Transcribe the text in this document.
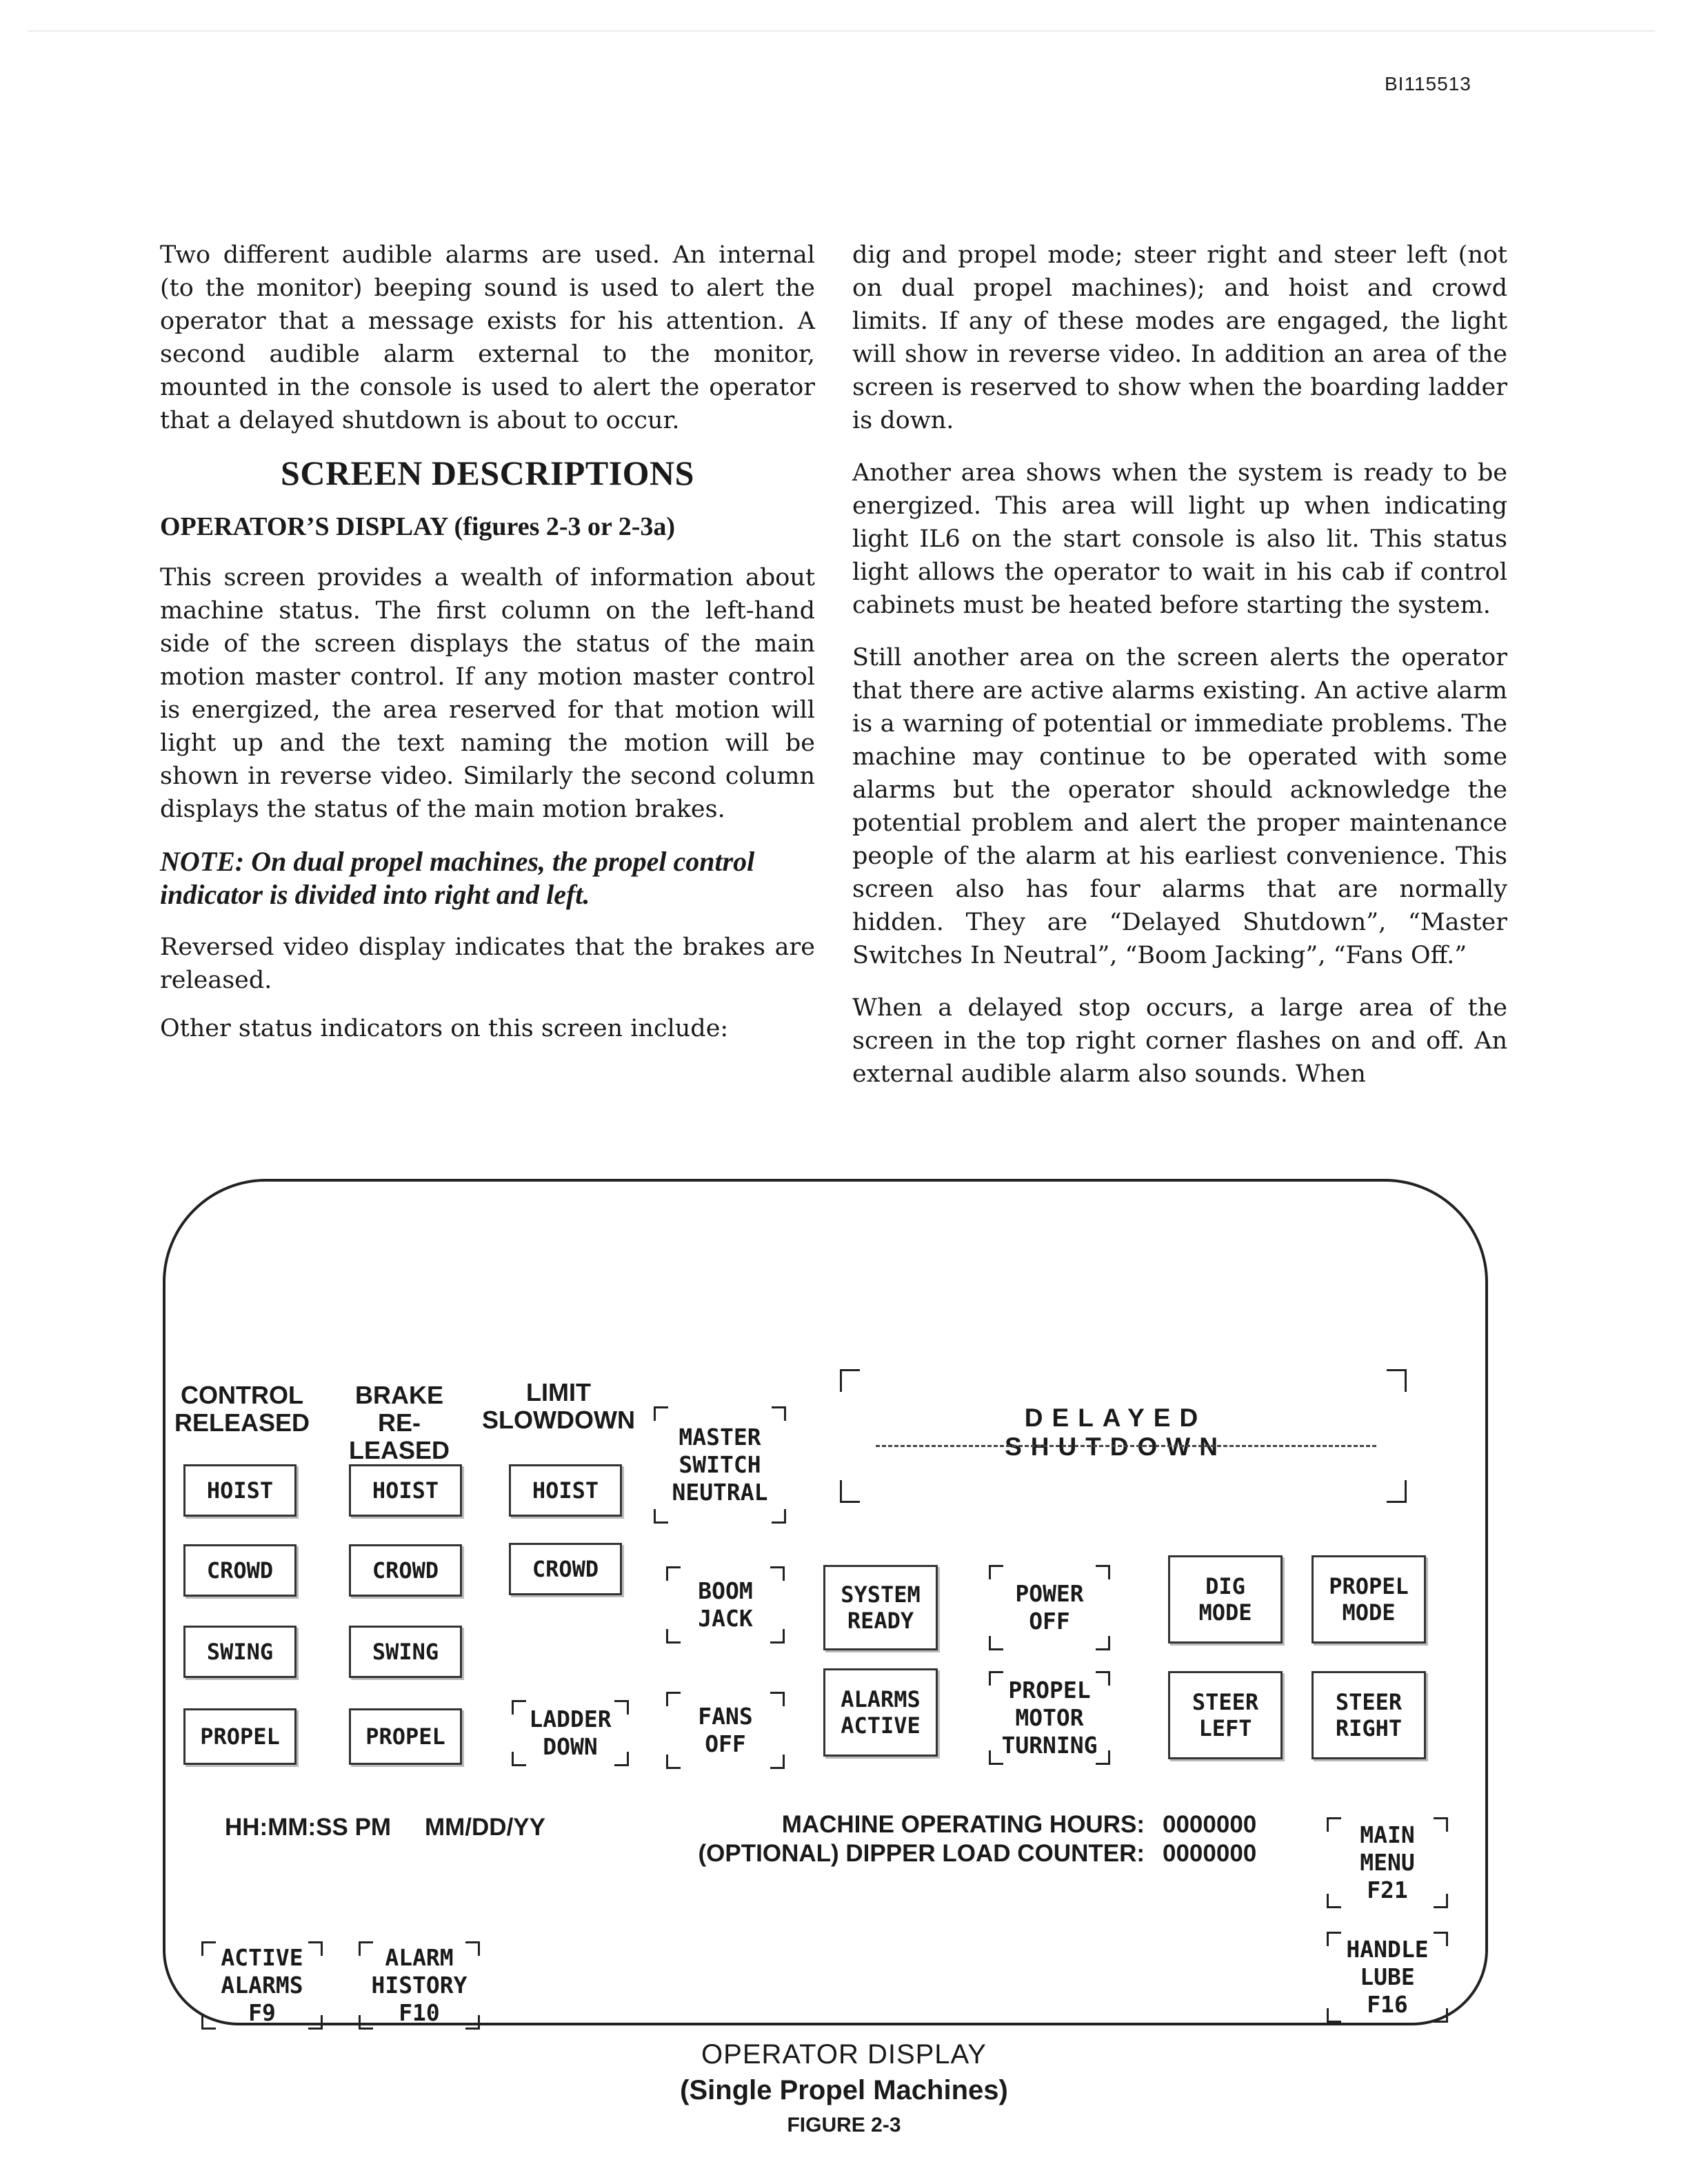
BI115513

Two different audible alarms are used. An internal (to the monitor) beeping sound is used to alert the operator that a message exists for his attention. A second audible alarm external to the monitor, mounted in the console is used to alert the operator that a delayed shutdown is about to occur.

SCREEN DESCRIPTIONS
OPERATOR’S DISPLAY (figures 2-3 or 2-3a)

This screen provides a wealth of information about machine status. The first column on the left-hand side of the screen displays the status of the main motion master control. If any motion master control is energized, the area reserved for that motion will light up and the text naming the motion will be shown in reverse video. Similarly the second column displays the status of the main motion brakes.

NOTE: On dual propel machines, the propel control indicator is divided into right and left.

Reversed video display indicates that the brakes are released.

Other status indicators on this screen include:

dig and propel mode; steer right and steer left (not on dual propel machines); and hoist and crowd limits. If any of these modes are engaged, the light will show in reverse video. In addition an area of the screen is reserved to show when the boarding ladder is down.

Another area shows when the system is ready to be energized. This area will light up when indicating light IL6 on the start console is also lit. This status light allows the operator to wait in his cab if control cabinets must be heated before starting the system.

Still another area on the screen alerts the operator that there are active alarms existing. An active alarm is a warning of potential or immediate problems. The machine may continue to be operated with some alarms but the operator should acknowledge the potential problem and alert the proper maintenance people of the alarm at his earliest convenience. This screen also has four alarms that are normally hidden. They are “Delayed Shutdown”, “Master Switches In Neutral”, “Boom Jacking”, “Fans Off.”

When a delayed stop occurs, a large area of the screen in the top right corner flashes on and off. An external audible alarm also sounds. When

CONTROL
RELEASED
BRAKE
RE-
LEASED
LIMIT
SLOWDOWN
HOIST
CROWD
SWING
PROPEL
HOIST
CROWD
SWING
PROPEL
HOIST
CROWD
LADDER
DOWN
MASTER
SWITCH
NEUTRAL
BOOM
JACK
FANS
OFF
SYSTEM
READY
ALARMS
ACTIVE
POWER
OFF
PROPEL
MOTOR
TURNING
DIG
MODE
PROPEL
MODE
STEER
LEFT
STEER
RIGHT
DELAYED SHUTDOWN
HH:MM:SS PM MM/DD/YY	MACHINE OPERATING HOURS:
(OPTIONAL) DIPPER LOAD COUNTER:
0000000
0000000
MAIN
MENU
F21
HANDLE
LUBE
F16
ACTIVE
ALARMS
F9
ALARM
HISTORY
F10
OPERATOR DISPLAY
(Single Propel Machines)
FIGURE 2-3
